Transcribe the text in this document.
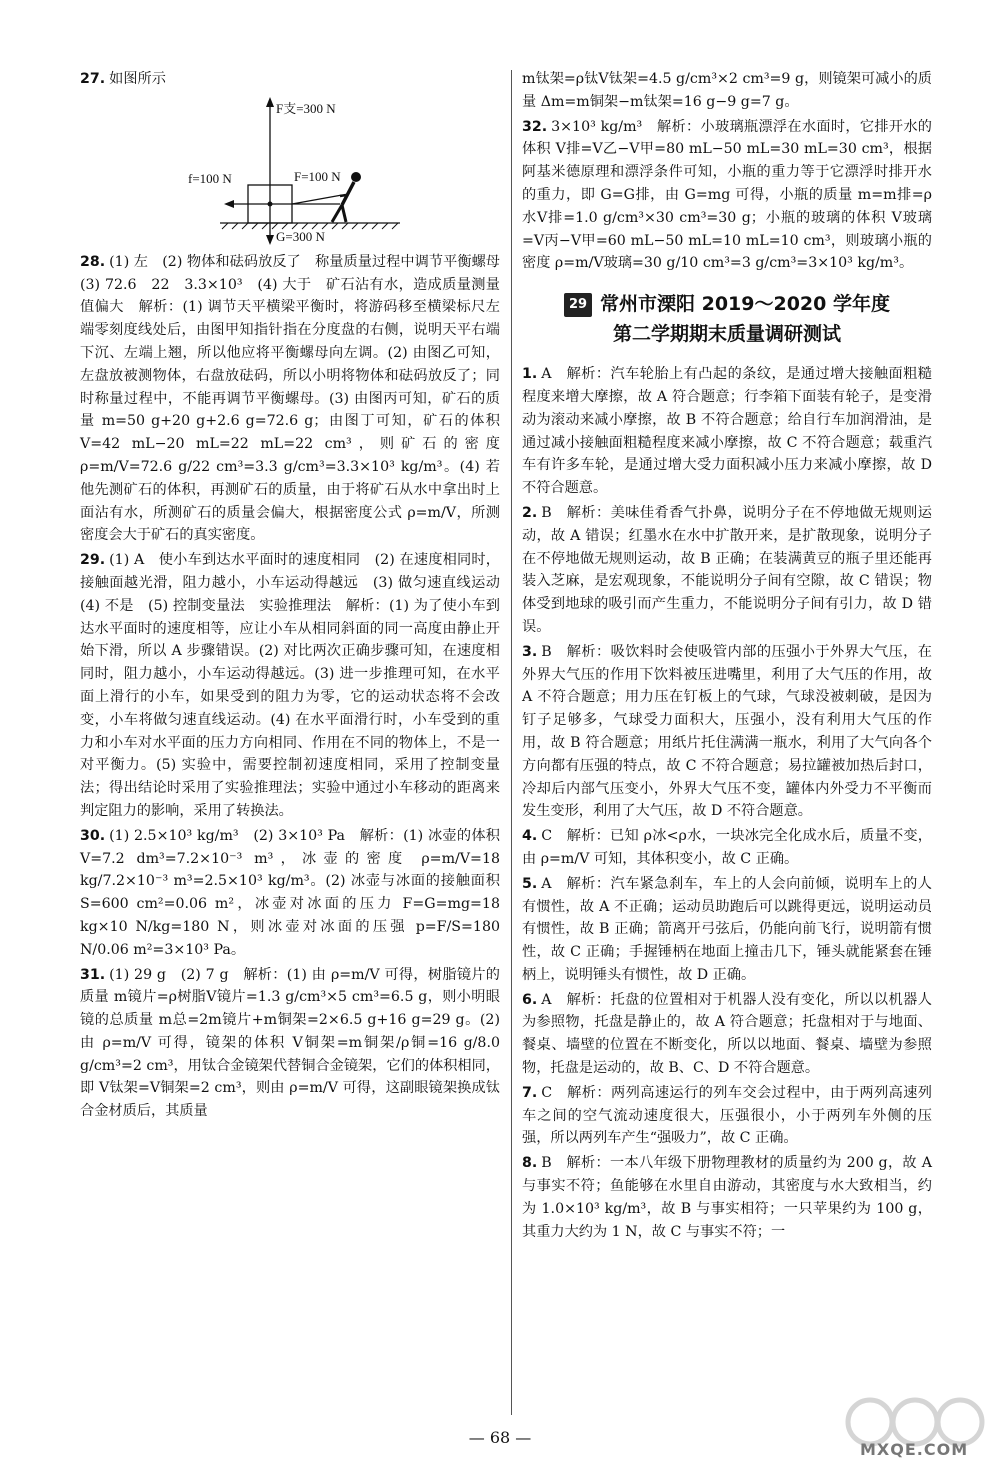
27. 如图所示
F支=300 N
f=100 N	F=100 N
G=300 N
28. (1) 左　(2) 物体和砝码放反了　称量质量过程中调节平衡螺母　(3) 72.6　22　3.3×10³　(4) 大于　矿石沾有水，造成质量测量值偏大　解析：(1) 调节天平横梁平衡时，将游码移至横梁标尺左端零刻度线处后，由图甲知指针指在分度盘的右侧，说明天平右端下沉、左端上翘，所以他应将平衡螺母向左调。(2) 由图乙可知，左盘放被测物体，右盘放砝码，所以小明将物体和砝码放反了；同时称量过程中，不能再调节平衡螺母。(3) 由图丙可知，矿石的质量 m=50 g+20 g+2.6 g=72.6 g；由图丁可知，矿石的体积 V=42 mL−20 mL=22 mL=22 cm³，则矿石的密度 ρ=m/V=72.6 g/22 cm³=3.3 g/cm³=3.3×10³ kg/m³。(4) 若他先测矿石的体积，再测矿石的质量，由于将矿石从水中拿出时上面沾有水，所测矿石的质量会偏大，根据密度公式 ρ=m/V，所测密度会大于矿石的真实密度。
29. (1) A　使小车到达水平面时的速度相同　(2) 在速度相同时，接触面越光滑，阻力越小，小车运动得越远　(3) 做匀速直线运动　(4) 不是　(5) 控制变量法　实验推理法　解析：(1) 为了使小车到达水平面时的速度相等，应让小车从相同斜面的同一高度由静止开始下滑，所以 A 步骤错误。(2) 对比两次正确步骤可知，在速度相同时，阻力越小，小车运动得越远。(3) 进一步推理可知，在水平面上滑行的小车，如果受到的阻力为零，它的运动状态将不会改变，小车将做匀速直线运动。(4) 在水平面滑行时，小车受到的重力和小车对水平面的压力方向相同、作用在不同的物体上，不是一对平衡力。(5) 实验中，需要控制初速度相同，采用了控制变量法；得出结论时采用了实验推理法；实验中通过小车移动的距离来判定阻力的影响，采用了转换法。
30. (1) 2.5×10³ kg/m³　(2) 3×10³ Pa　解析：(1) 冰壶的体积 V=7.2 dm³=7.2×10⁻³ m³，冰壶的密度 ρ=m/V=18 kg/7.2×10⁻³ m³=2.5×10³ kg/m³。(2) 冰壶与冰面的接触面积 S=600 cm²=0.06 m²，冰壶对冰面的压力 F=G=mg=18 kg×10 N/kg=180 N，则冰壶对冰面的压强 p=F/S=180 N/0.06 m²=3×10³ Pa。
31. (1) 29 g　(2) 7 g　解析：(1) 由 ρ=m/V 可得，树脂镜片的质量 m镜片=ρ树脂V镜片=1.3 g/cm³×5 cm³=6.5 g，则小明眼镜的总质量 m总=2m镜片+m铜架=2×6.5 g+16 g=29 g。(2) 由 ρ=m/V 可得，镜架的体积 V铜架=m铜架/ρ铜=16 g/8.0 g/cm³=2 cm³，用钛合金镜架代替铜合金镜架，它们的体积相同，即 V钛架=V铜架=2 cm³，则由 ρ=m/V 可得，这副眼镜架换成钛合金材质后，其质量
m钛架=ρ钛V钛架=4.5 g/cm³×2 cm³=9 g，则镜架可减小的质量 Δm=m铜架−m钛架=16 g−9 g=7 g。
32. 3×10³ kg/m³　解析：小玻璃瓶漂浮在水面时，它排开水的体积 V排=V乙−V甲=80 mL−50 mL=30 mL=30 cm³，根据阿基米德原理和漂浮条件可知，小瓶的重力等于它漂浮时排开水的重力，即 G=G排，由 G=mg 可得，小瓶的质量 m=m排=ρ水V排=1.0 g/cm³×30 cm³=30 g；小瓶的玻璃的体积 V玻璃=V丙−V甲=60 mL−50 mL=10 mL=10 cm³，则玻璃小瓶的密度 ρ=m/V玻璃=30 g/10 cm³=3 g/cm³=3×10³ kg/m³。
29 常州市溧阳 2019～2020 学年度
第二学期期末质量调研测试
1. A　解析：汽车轮胎上有凸起的条纹，是通过增大接触面粗糙程度来增大摩擦，故 A 符合题意；行李箱下面装有轮子，是变滑动为滚动来减小摩擦，故 B 不符合题意；给自行车加润滑油，是通过减小接触面粗糙程度来减小摩擦，故 C 不符合题意；载重汽车有许多车轮，是通过增大受力面积减小压力来减小摩擦，故 D 不符合题意。
2. B　解析：美味佳肴香气扑鼻，说明分子在不停地做无规则运动，故 A 错误；红墨水在水中扩散开来，是扩散现象，说明分子在不停地做无规则运动，故 B 正确；在装满黄豆的瓶子里还能再装入芝麻，是宏观现象，不能说明分子间有空隙，故 C 错误；物体受到地球的吸引而产生重力，不能说明分子间有引力，故 D 错误。
3. B　解析：吸饮料时会使吸管内部的压强小于外界大气压，在外界大气压的作用下饮料被压进嘴里，利用了大气压的作用，故 A 不符合题意；用力压在钉板上的气球，气球没被刺破，是因为钉子足够多，气球受力面积大，压强小，没有利用大气压的作用，故 B 符合题意；用纸片托住满满一瓶水，利用了大气向各个方向都有压强的特点，故 C 不符合题意；易拉罐被加热后封口，冷却后内部气压变小，外界大气压不变，罐体内外受力不平衡而发生变形，利用了大气压，故 D 不符合题意。
4. C　解析：已知 ρ冰<ρ水，一块冰完全化成水后，质量不变，由 ρ=m/V 可知，其体积变小，故 C 正确。
5. A　解析：汽车紧急刹车，车上的人会向前倾，说明车上的人有惯性，故 A 不正确；运动员助跑后可以跳得更远，说明运动员有惯性，故 B 正确；箭离开弓弦后，仍能向前飞行，说明箭有惯性，故 C 正确；手握锤柄在地面上撞击几下，锤头就能紧套在锤柄上，说明锤头有惯性，故 D 正确。
6. A　解析：托盘的位置相对于机器人没有变化，所以以机器人为参照物，托盘是静止的，故 A 符合题意；托盘相对于与地面、餐桌、墙壁的位置在不断变化，所以以地面、餐桌、墙壁为参照物，托盘是运动的，故 B、C、D 不符合题意。
7. C　解析：两列高速运行的列车交会过程中，由于两列高速列车之间的空气流动速度很大，压强很小，小于两列车外侧的压强，所以两列车产生“强吸力”，故 C 正确。
8. B　解析：一本八年级下册物理教材的质量约为 200 g，故 A 与事实不符；鱼能够在水里自由游动，其密度与水大致相当，约为 1.0×10³ kg/m³，故 B 与事实相符；一只苹果约为 100 g，其重力大约为 1 N，故 C 与事实不符；一
— 68 —
MXQE.COM
